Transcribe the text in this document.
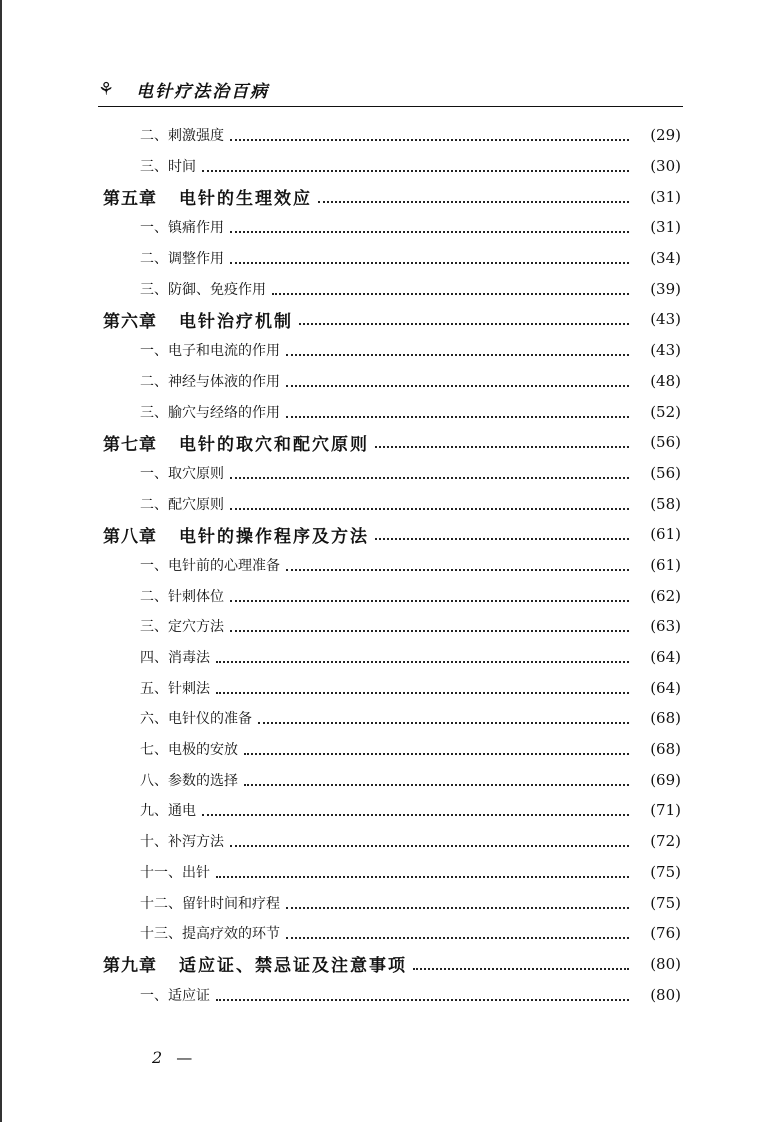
⚘ 电针疗法治百病
二、刺激强度	(29)
三、时间	(30)
第五章 电针的生理效应	(31)
一、镇痛作用	(31)
二、调整作用	(34)
三、防御、免疫作用	(39)
第六章 电针治疗机制	(43)
一、电子和电流的作用	(43)
二、神经与体液的作用	(48)
三、腧穴与经络的作用	(52)
第七章 电针的取穴和配穴原则	(56)
一、取穴原则	(56)
二、配穴原则	(58)
第八章 电针的操作程序及方法	(61)
一、电针前的心理准备	(61)
二、针刺体位	(62)
三、定穴方法	(63)
四、消毒法	(64)
五、针刺法	(64)
六、电针仪的准备	(68)
七、电极的安放	(68)
八、参数的选择	(69)
九、通电	(71)
十、补泻方法	(72)
十一、出针	(75)
十二、留针时间和疗程	(75)
十三、提高疗效的环节	(76)
第九章 适应证、禁忌证及注意事项	(80)
一、适应证	(80)
2 —
